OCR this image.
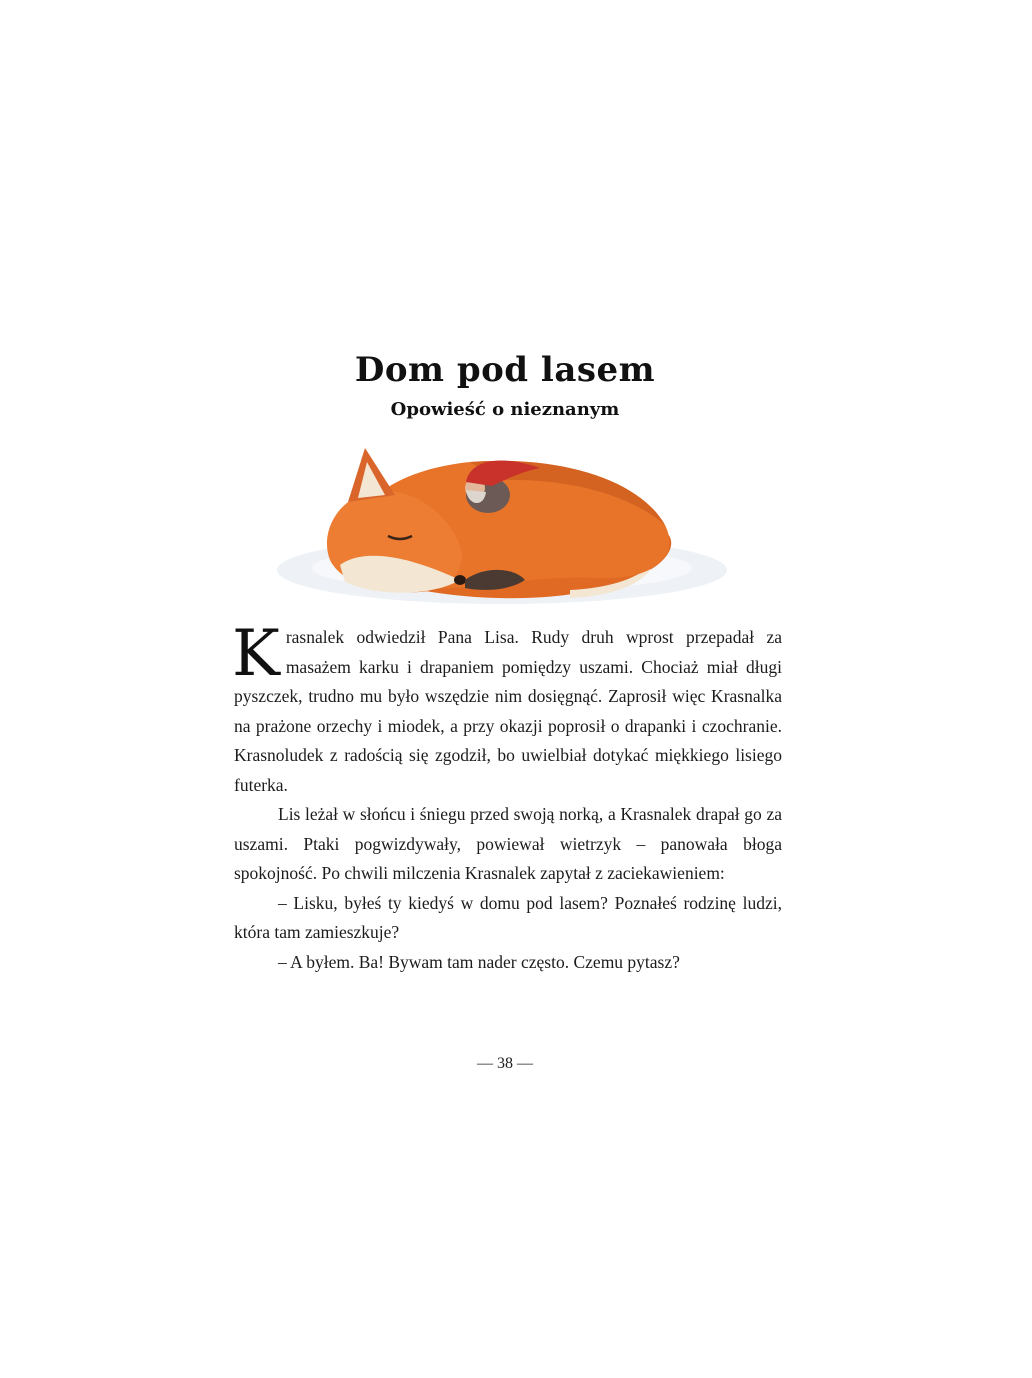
Dom pod lasem
Opowieść o nieznanym

Krasnalek odwiedził Pana Lisa. Rudy druh wprost przepadał za masażem karku i drapaniem pomiędzy uszami. Chociaż miał długi pyszczek, trudno mu było wszędzie nim dosięgnąć. Zaprosił więc Krasnalka na prażone orzechy i miodek, a przy okazji poprosił o drapanki i czochranie. Krasnoludek z radością się zgodził, bo uwielbiał dotykać miękkiego lisiego futerka.

Lis leżał w słońcu i śniegu przed swoją norką, a Krasnalek drapał go za uszami. Ptaki pogwizdywały, powiewał wietrzyk – panowała błoga spokojność. Po chwili milczenia Krasnalek zapytał z zaciekawieniem:

– Lisku, byłeś ty kiedyś w domu pod lasem? Poznałeś rodzinę ludzi, która tam zamieszkuje?

– A byłem. Ba! Bywam tam nader często. Czemu pytasz?

— 38 —
